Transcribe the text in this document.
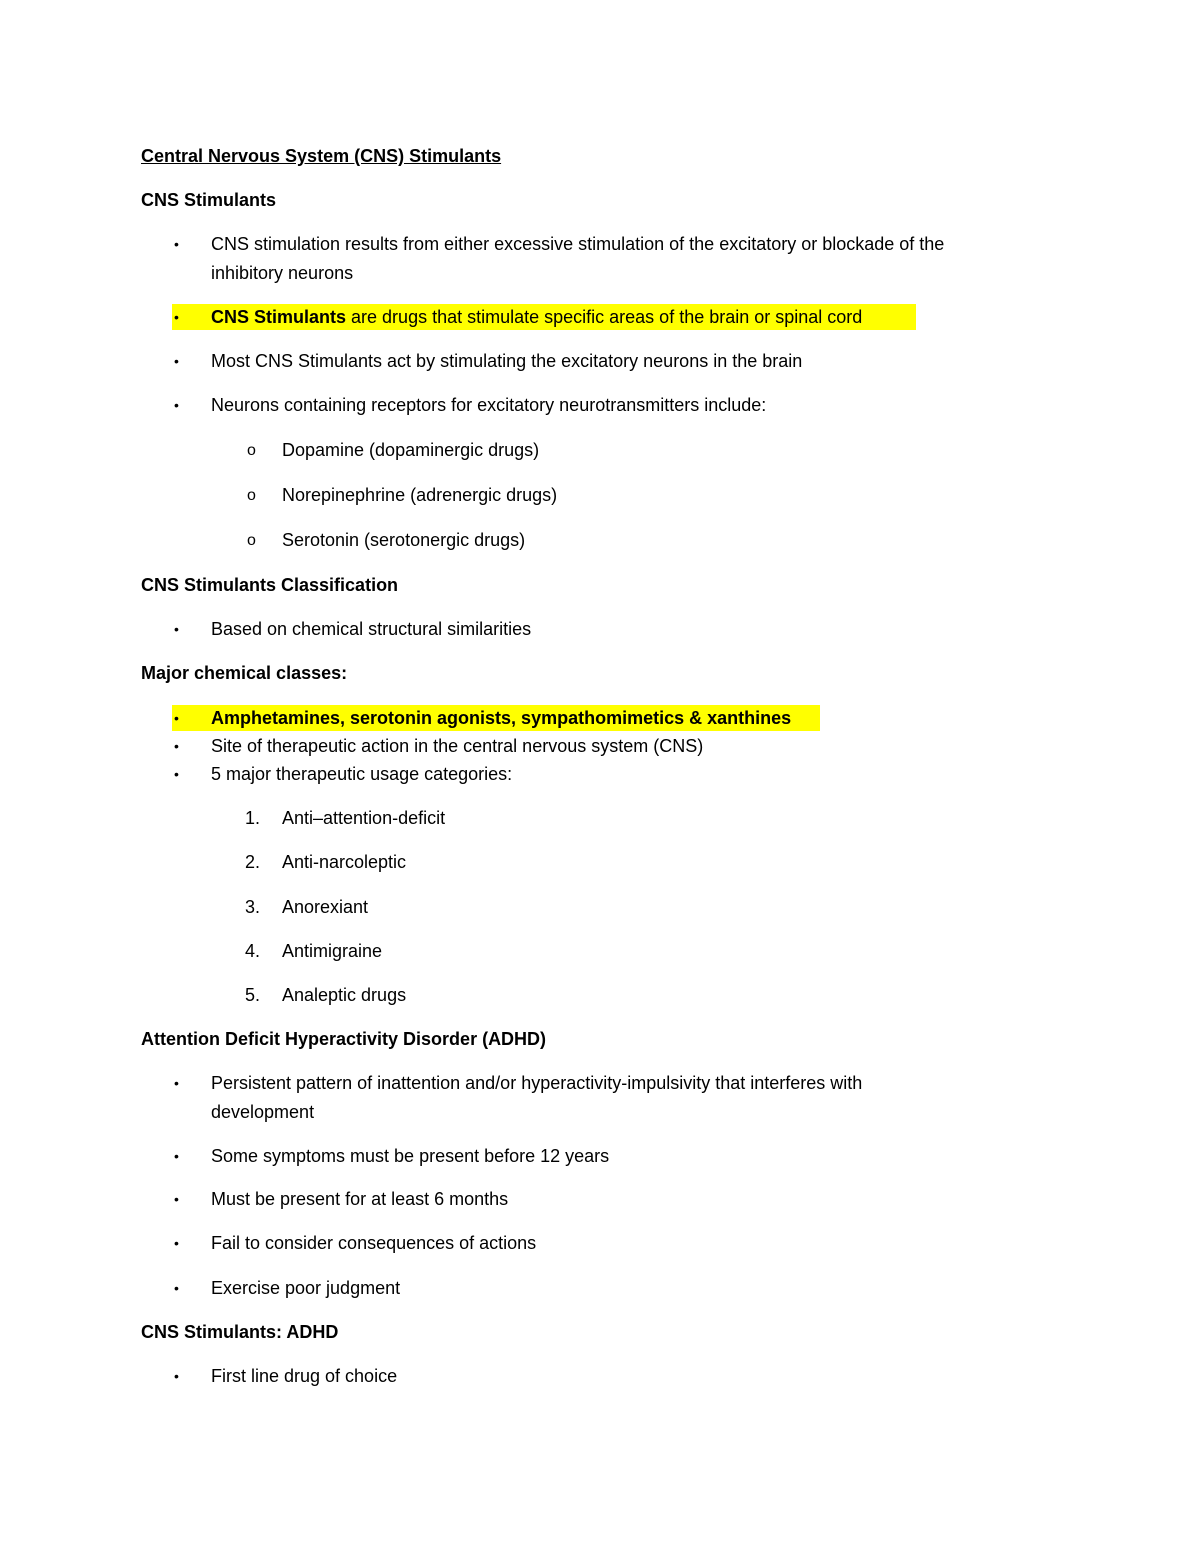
Central Nervous System (CNS) Stimulants
CNS Stimulants
• CNS stimulation results from either excessive stimulation of the excitatory or blockade of the
inhibitory neurons
• CNS Stimulants are drugs that stimulate specific areas of the brain or spinal cord
• Most CNS Stimulants act by stimulating the excitatory neurons in the brain
• Neurons containing receptors for excitatory neurotransmitters include:
o Dopamine (dopaminergic drugs)
o Norepinephrine (adrenergic drugs)
o Serotonin (serotonergic drugs)
CNS Stimulants Classification
• Based on chemical structural similarities
Major chemical classes:
• Amphetamines, serotonin agonists, sympathomimetics & xanthines
• Site of therapeutic action in the central nervous system (CNS)
• 5 major therapeutic usage categories:
1. Anti–attention-deficit
2. Anti-narcoleptic
3. Anorexiant
4. Antimigraine
5. Analeptic drugs
Attention Deficit Hyperactivity Disorder (ADHD)
• Persistent pattern of inattention and/or hyperactivity-impulsivity that interferes with
development
• Some symptoms must be present before 12 years
• Must be present for at least 6 months
• Fail to consider consequences of actions
• Exercise poor judgment
CNS Stimulants: ADHD
• First line drug of choice
